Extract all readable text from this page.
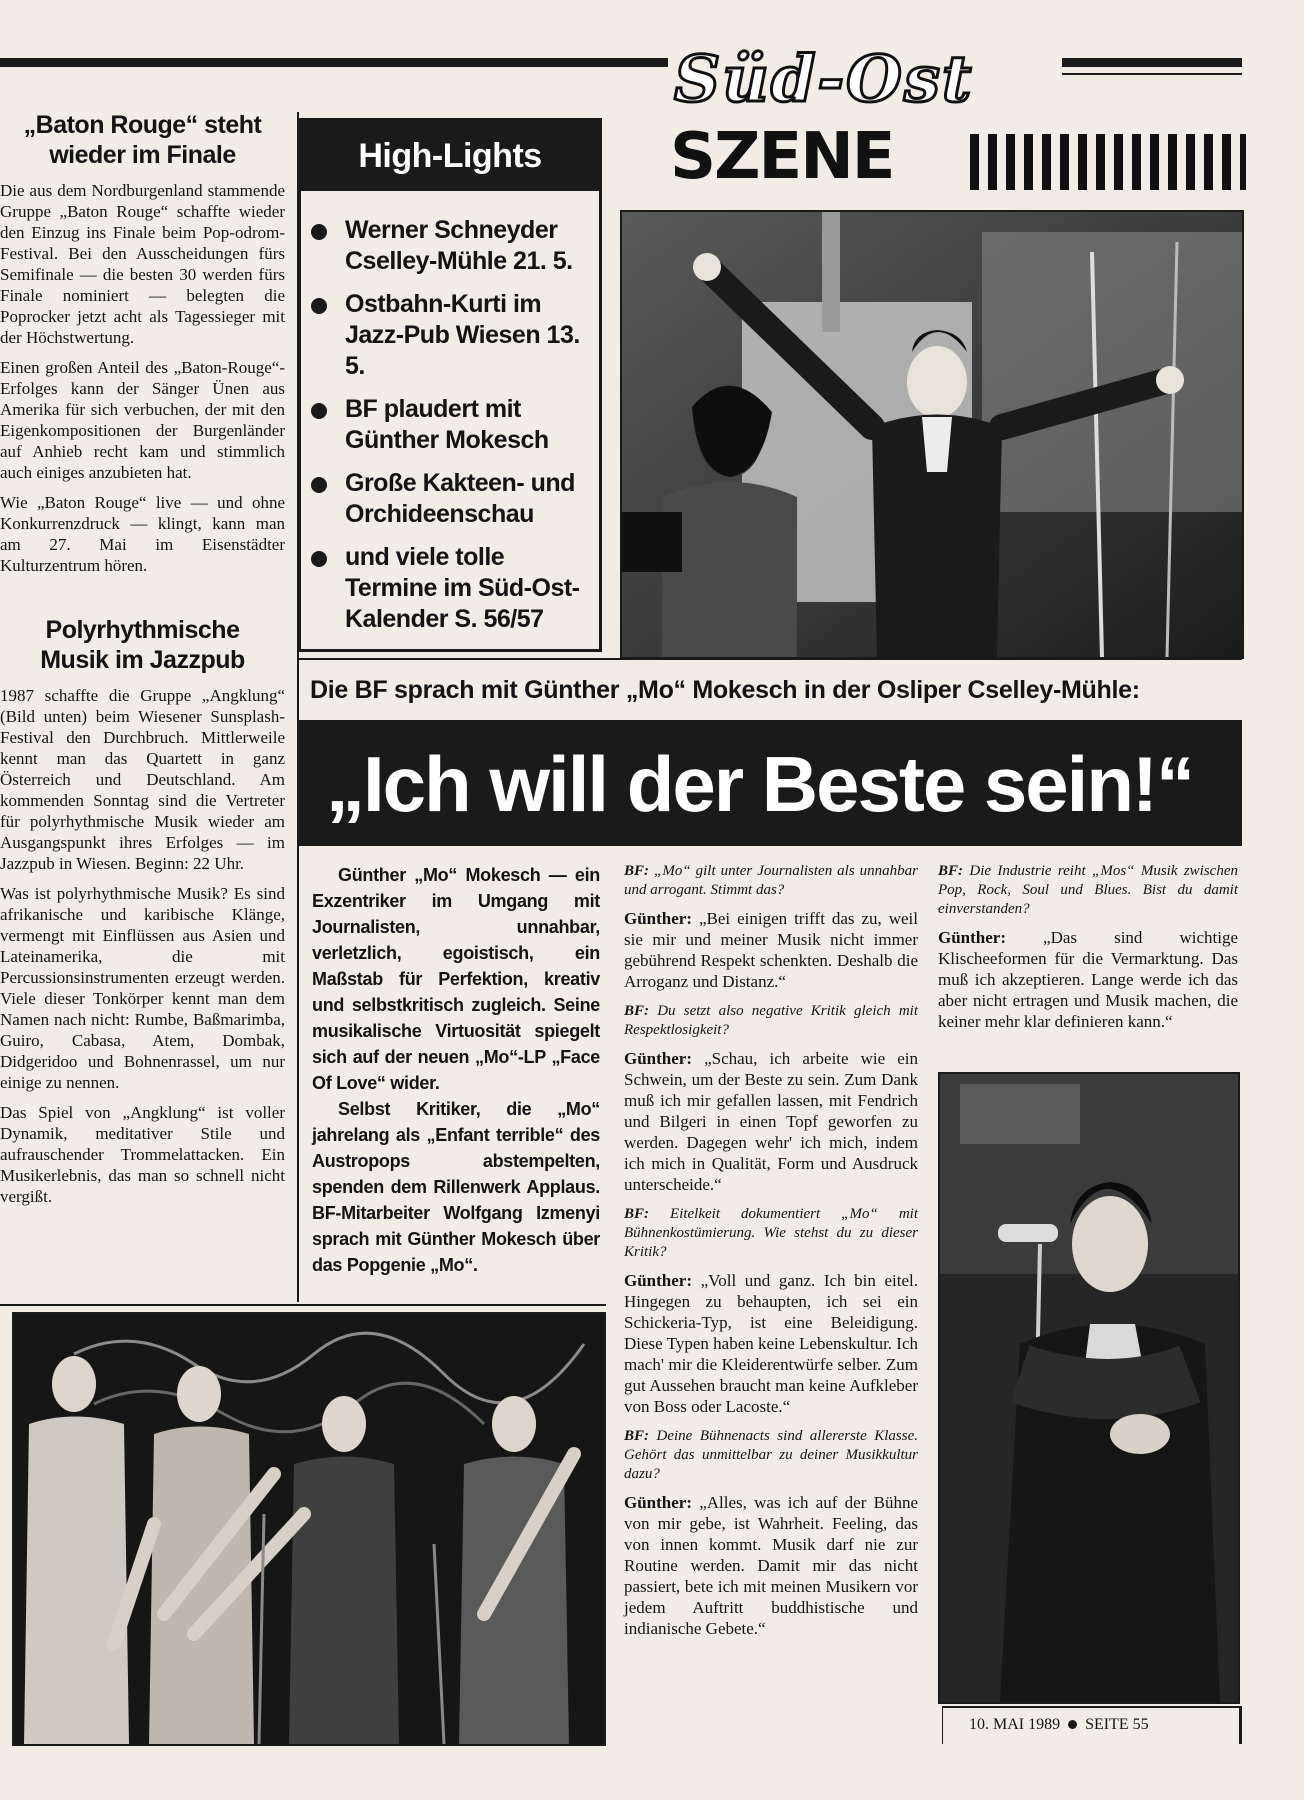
„Baton Rouge“ steht wieder im Finale

Die aus dem Nordburgenland stammende Gruppe „Baton Rouge“ schaffte wieder den Einzug ins Finale beim Pop-odrom-Festival. Bei den Ausscheidungen fürs Semifinale — die besten 30 werden fürs Finale nominiert — belegten die Poprocker jetzt acht als Tagessieger mit der Höchstwertung.

Einen großen Anteil des „Baton-Rouge“-Erfolges kann der Sänger Ünen aus Amerika für sich verbuchen, der mit den Eigenkompositionen der Burgenländer auf Anhieb recht kam und stimmlich auch einiges anzubieten hat.

Wie „Baton Rouge“ live — und ohne Konkurrenzdruck — klingt, kann man am 27. Mai im Eisenstädter Kulturzentrum hören.

Polyrhythmische Musik im Jazzpub

1987 schaffte die Gruppe „Angklung“ (Bild unten) beim Wiesener Sunsplash-Festival den Durchbruch. Mittlerweile kennt man das Quartett in ganz Österreich und Deutschland. Am kommenden Sonntag sind die Vertreter für polyrhythmische Musik wieder am Ausgangspunkt ihres Erfolges — im Jazzpub in Wiesen. Beginn: 22 Uhr.

Was ist polyrhythmische Musik? Es sind afrikanische und karibische Klänge, vermengt mit Einflüssen aus Asien und Lateinamerika, die mit Percussionsinstrumenten erzeugt werden. Viele dieser Tonkörper kennt man dem Namen nach nicht: Rumbe, Baßmarimba, Guiro, Cabasa, Atem, Dombak, Didgeridoo und Bohnenrassel, um nur einige zu nennen.

Das Spiel von „Angklung“ ist voller Dynamik, meditativer Stile und aufrauschender Trommelattacken. Ein Musikerlebnis, das man so schnell nicht vergißt.

High-Lights
Werner Schneyder Cselley-Mühle 21. 5.
Ostbahn-Kurti im Jazz-Pub Wiesen 13. 5.
BF plaudert mit Günther Mokesch
Große Kakteen- und Orchideenschau
und viele tolle Termine im Süd-Ost-Kalender S. 56/57
Süd-Ost
SZENE
Die BF sprach mit Günther „Mo“ Mokesch in der Osliper Cselley-Mühle:
„Ich will der Beste sein!“

Günther „Mo“ Mokesch — ein Exzentriker im Umgang mit Journalisten, unnahbar, verletzlich, egoistisch, ein Maßstab für Perfektion, kreativ und selbstkritisch zugleich. Seine musikalische Virtuosität spiegelt sich auf der neuen „Mo“-LP „Face Of Love“ wider.

Selbst Kritiker, die „Mo“ jahrelang als „Enfant terrible“ des Austropops abstempelten, spenden dem Rillenwerk Applaus. BF-Mitarbeiter Wolfgang Izmenyi sprach mit Günther Mokesch über das Popgenie „Mo“.

BF: „Mo“ gilt unter Journalisten als unnahbar und arrogant. Stimmt das?

Günther: „Bei einigen trifft das zu, weil sie mir und meiner Musik nicht immer gebührend Respekt schenkten. Deshalb die Arroganz und Distanz.“

BF: Du setzt also negative Kritik gleich mit Respektlosigkeit?

Günther: „Schau, ich arbeite wie ein Schwein, um der Beste zu sein. Zum Dank muß ich mir gefallen lassen, mit Fendrich und Bilgeri in einen Topf geworfen zu werden. Dagegen wehr' ich mich, indem ich mich in Qualität, Form und Ausdruck unterscheide.“

BF: Eitelkeit dokumentiert „Mo“ mit Bühnenkostümierung. Wie stehst du zu dieser Kritik?

Günther: „Voll und ganz. Ich bin eitel. Hingegen zu behaupten, ich sei ein Schickeria-Typ, ist eine Beleidigung. Diese Typen haben keine Lebenskultur. Ich mach' mir die Kleiderentwürfe selber. Zum gut Aussehen braucht man keine Aufkleber von Boss oder Lacoste.“

BF: Deine Bühnenacts sind allererste Klasse. Gehört das unmittelbar zu deiner Musikkultur dazu?

Günther: „Alles, was ich auf der Bühne von mir gebe, ist Wahrheit. Feeling, das von innen kommt. Musik darf nie zur Routine werden. Damit mir das nicht passiert, bete ich mit meinen Musikern vor jedem Auftritt buddhistische und indianische Gebete.“

BF: Die Industrie reiht „Mos“ Musik zwischen Pop, Rock, Soul und Blues. Bist du damit einverstanden?

Günther: „Das sind wichtige Klischeeformen für die Vermarktung. Das muß ich akzeptieren. Lange werde ich das aber nicht ertragen und Musik machen, die keiner mehr klar definieren kann.“

10. MAI 1989 SEITE 55
